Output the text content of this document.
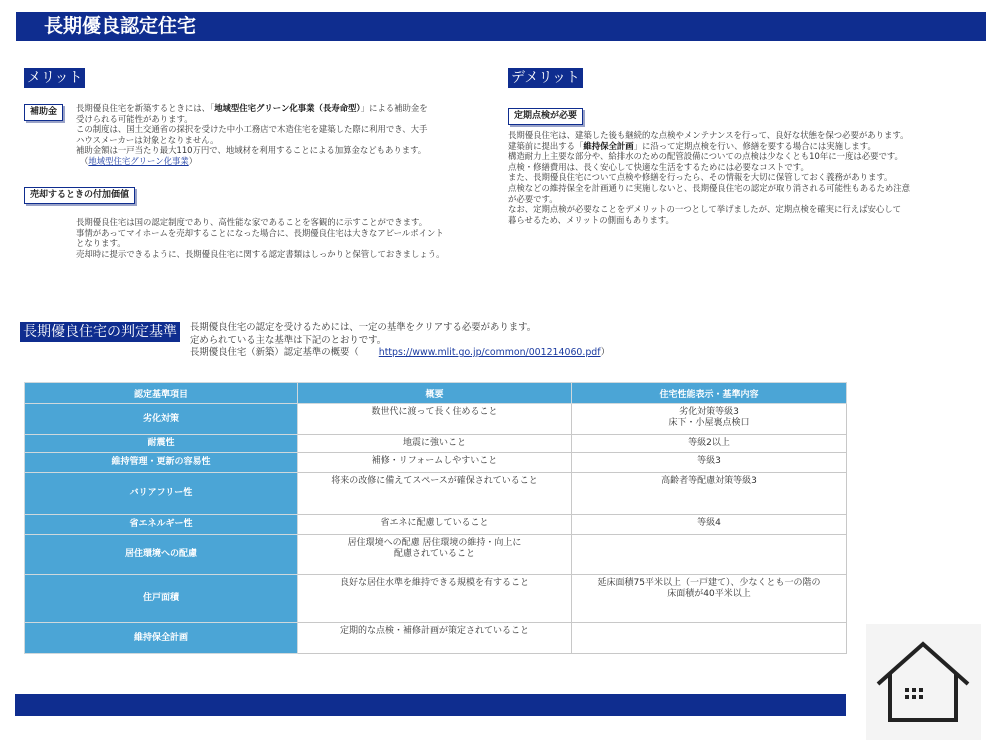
長期優良認定住宅
メリット
補助金	長期優良住宅を新築するときには、「地域型住宅グリーン化事業（長寿命型）」による補助金を
受けられる可能性があります。
この制度は、国土交通省の採択を受けた中小工務店で木造住宅を建築した際に利用でき、大手
ハウスメーカーは対象となりません。
補助金額は一戸当たり最大110万円で、地域材を利用することによる加算金などもあります。
（地域型住宅グリーン化事業）
売却するときの付加価値
長期優良住宅は国の認定制度であり、高性能な家であることを客観的に示すことができます。
事情があってマイホームを売却することになった場合に、長期優良住宅は大きなアピールポイント
となります。
売却時に提示できるように、長期優良住宅に関する認定書類はしっかりと保管しておきましょう。
デメリット
定期点検が必要
長期優良住宅は、建築した後も継続的な点検やメンテナンスを行って、良好な状態を保つ必要があります。
建築前に提出する「維持保全計画」に沿って定期点検を行い、修繕を要する場合には実施します。
構造耐力上主要な部分や、給排水のための配管設備についての点検は少なくとも10年に一度は必要です。
点検・修繕費用は、長く安心して快適な生活をするためには必要なコストです。
また、長期優良住宅について点検や修繕を行ったら、その情報を大切に保管しておく義務があります。
点検などの維持保全を計画通りに実施しないと、長期優良住宅の認定が取り消される可能性もあるため注意
が必要です。
なお、定期点検が必要なことをデメリットの一つとして挙げましたが、定期点検を確実に行えば安心して
暮らせるため、メリットの側面もあります。
長期優良住宅の判定基準	長期優良住宅の認定を受けるためには、一定の基準をクリアする必要があります。
定められている主な基準は下記のとおりです。
長期優良住宅（新築）認定基準の概要（ https://www.mlit.go.jp/common/001214060.pdf）
認定基準項目	概要	住宅性能表示・基準内容
劣化対策	数世代に渡って長く住めること	劣化対策等級3
床下・小屋裏点検口

耐震性	地震に強いこと	等級2以上

維持管理・更新の容易性	補修・リフォームしやすいこと	等級3

バリアフリー性	将来の改修に備えてスペースが確保されていること	高齢者等配慮対策等級3

省エネルギー性	省エネに配慮していること	等級4

居住環境への配慮	居住環境への配慮 居住環境の維持・向上に
配慮されていること	

住戸面積	良好な居住水準を維持できる規模を有すること	延床面積75平米以上（一戸建て）、少なくとも一の階の
床面積が40平米以上

維持保全計画	定期的な点検・補修計画が策定されていること	
